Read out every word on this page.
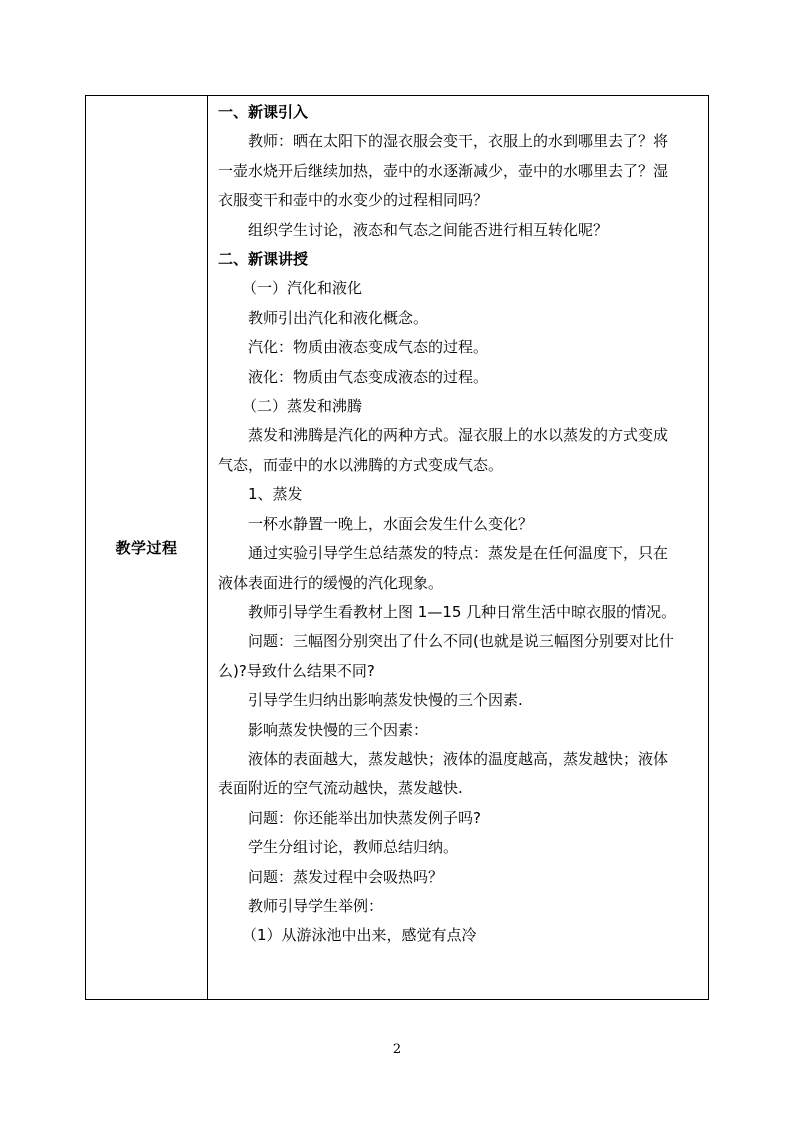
教学过程
一、新课引入
教师：晒在太阳下的湿衣服会变干，衣服上的水到哪里去了？将
一壶水烧开后继续加热，壶中的水逐渐减少，壶中的水哪里去了？湿
衣服变干和壶中的水变少的过程相同吗？
组织学生讨论，液态和气态之间能否进行相互转化呢？
二、新课讲授
（一）汽化和液化
教师引出汽化和液化概念。
汽化：物质由液态变成气态的过程。
液化：物质由气态变成液态的过程。
（二）蒸发和沸腾
蒸发和沸腾是汽化的两种方式。湿衣服上的水以蒸发的方式变成
气态，而壶中的水以沸腾的方式变成气态。
1、蒸发
一杯水静置一晚上，水面会发生什么变化？
通过实验引导学生总结蒸发的特点：蒸发是在任何温度下，只在
液体表面进行的缓慢的汽化现象。
教师引导学生看教材上图 1—15 几种日常生活中晾衣服的情况。
问题：三幅图分别突出了什么不同(也就是说三幅图分别要对比什
么)?导致什么结果不同?
引导学生归纳出影响蒸发快慢的三个因素.
影响蒸发快慢的三个因素：
液体的表面越大，蒸发越快；液体的温度越高，蒸发越快；液体
表面附近的空气流动越快，蒸发越快.
问题：你还能举出加快蒸发例子吗?
学生分组讨论，教师总结归纳。
问题：蒸发过程中会吸热吗？
教师引导学生举例：
（1）从游泳池中出来，感觉有点冷
2
